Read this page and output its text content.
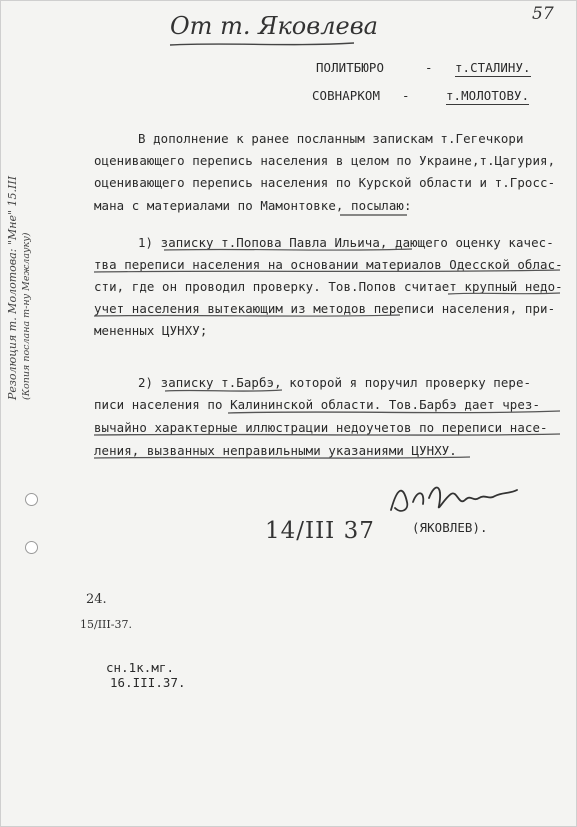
От т. Яковлева	57
ПОЛИТБЮРО	- т.СТАЛИНУ.
СОВНАРКОМ -	т.МОЛОТОВУ.
В дополнение к ранее посланным запискам т.Гегечкори
оценивающего перепись населения в целом по Украине,т.Цагурия,
оценивающего перепись населения по Курской области и т.Гросс-
мана с материалами по Мамонтовке, посылаю:
1) записку т.Попова Павла Ильича, дающего оценку качес-
тва переписи населения на основании материалов Одесской облас-
сти, где он проводил проверку. Тов.Попов считает крупный недо-
учет населения вытекающим из методов переписи населения, при-
мененных ЦУНХУ;
2) записку т.Барбэ, которой я поручил проверку пере-
писи населения по Калининской области. Тов.Барбэ дает чрез-
вычайно характерные иллюстрации недоучетов по переписи насе-
ления, вызванных неправильными указаниями ЦУНХУ.
14/III 37	(ЯКОВЛЕВ).
Резолюция т. Молотова: "Мне" 15.III (Копия послана т-ну Межлауку)
24.
15/III-37.
сн.1к.мг.
16.III.37.
